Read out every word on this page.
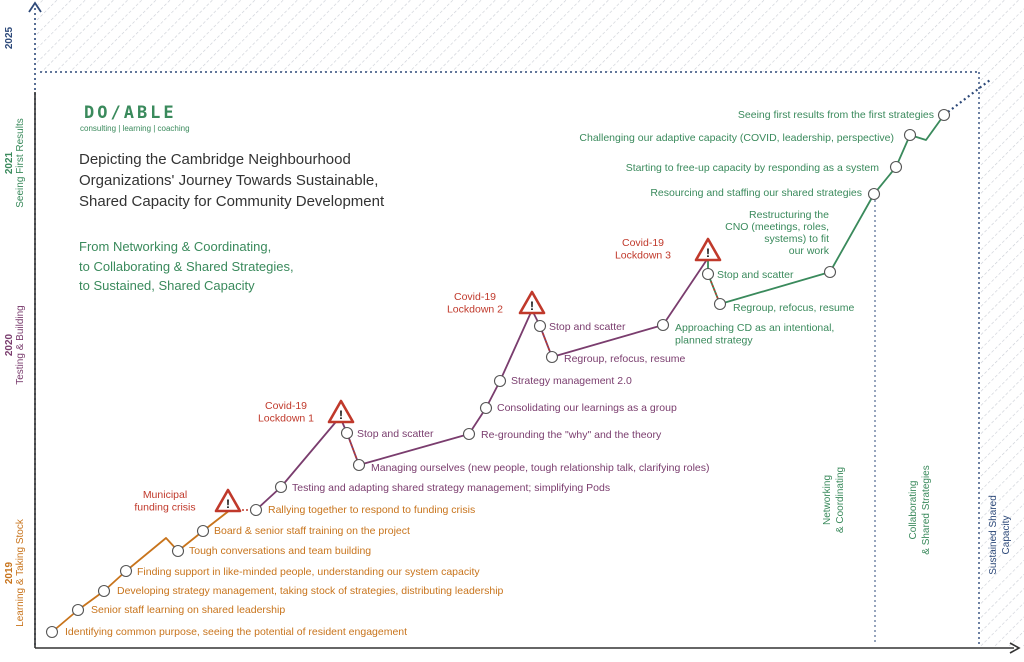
2019 Learning & Taking Stock
2020 Testing & Building
2021 Seeing First Results
2025
Networking & Coordinating	Collaborating & Shared Strategies	Sustained Shared Capacity
Identifying common purpose, seeing the potential of resident engagement
Senior staff learning on shared leadership
Developing strategy management, taking stock of strategies, distributing leadership
Finding support in like-minded people, understanding our system capacity
Tough conversations and team building
Board & senior staff training on the project
Rallying together to respond to funding crisis
Testing and adapting shared strategy management; simplifying Pods
Stop and scatter
Managing ourselves (new people, tough relationship talk, clarifying roles)
Re-grounding the "why" and the theory
Consolidating our learnings as a group
Strategy management 2.0
Stop and scatter
Regroup, refocus, resume
Approaching CD as an intentional, planned strategy
Stop and scatter
Regroup, refocus, resume
Restructuring the CNO (meetings, roles, systems) to fit our work
Resourcing and staffing our shared strategies
Starting to free-up capacity by responding as a system
Challenging our adaptive capacity (COVID, leadership, perspective)
Seeing first results from the first strategies
!
Municipal funding crisis
!
Covid-19 Lockdown 1
!
Covid-19 Lockdown 2
!
Covid-19 Lockdown 3
DO/ABLE
consulting | learning | coaching
Depicting the Cambridge Neighbourhood Organizations' Journey Towards Sustainable, Shared Capacity for Community Development
From Networking & Coordinating,
to Collaborating & Shared Strategies,
to Sustained, Shared Capacity
